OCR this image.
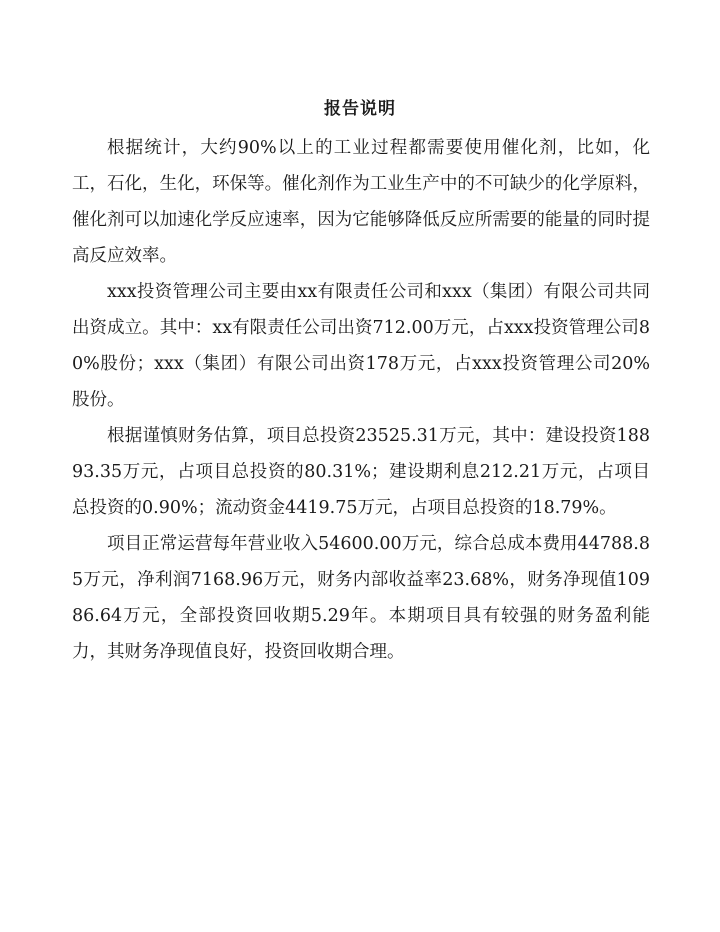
报告说明

根据统计，大约90%以上的工业过程都需要使用催化剂，比如，化工，石化，生化，环保等。催化剂作为工业生产中的不可缺少的化学原料，催化剂可以加速化学反应速率，因为它能够降低反应所需要的能量的同时提高反应效率。

xxx投资管理公司主要由xx有限责任公司和xxx（集团）有限公司共同出资成立。其中：xx有限责任公司出资712.00万元，占xxx投资管理公司80%股份；xxx（集团）有限公司出资178万元，占xxx投资管理公司20%股份。

根据谨慎财务估算，项目总投资23525.31万元，其中：建设投资18893.35万元，占项目总投资的80.31%；建设期利息212.21万元，占项目总投资的0.90%；流动资金4419.75万元，占项目总投资的18.79%。

项目正常运营每年营业收入54600.00万元，综合总成本费用44788.85万元，净利润7168.96万元，财务内部收益率23.68%，财务净现值10986.64万元，全部投资回收期5.29年。本期项目具有较强的财务盈利能力，其财务净现值良好，投资回收期合理。
